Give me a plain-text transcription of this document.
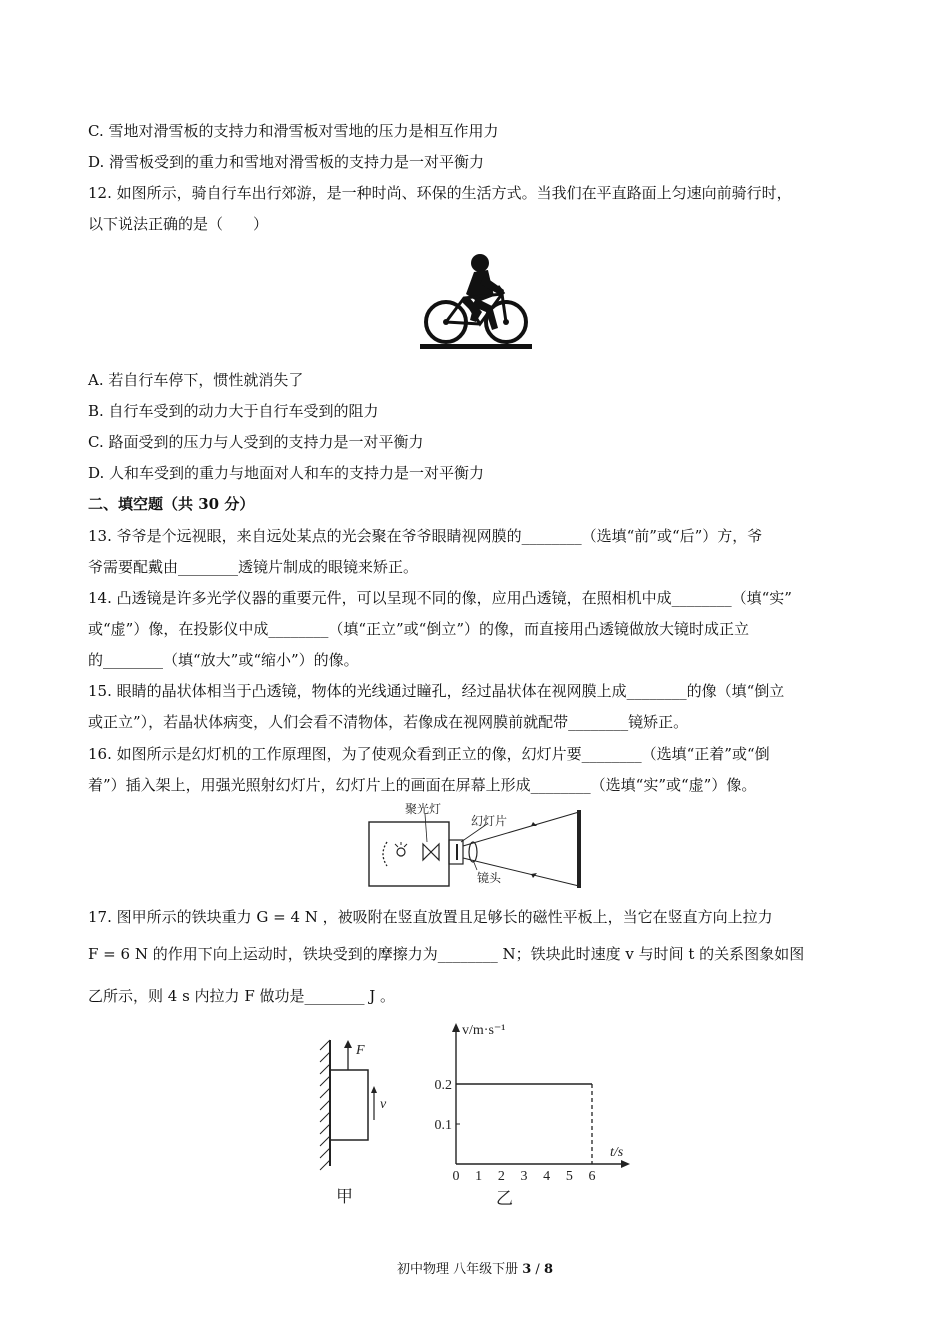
C. 雪地对滑雪板的支持力和滑雪板对雪地的压力是相互作用力
D. 滑雪板受到的重力和雪地对滑雪板的支持力是一对平衡力
12. 如图所示，骑自行车出行郊游，是一种时尚、环保的生活方式。当我们在平直路面上匀速向前骑行时，
以下说法正确的是（　　）
A. 若自行车停下，惯性就消失了
B. 自行车受到的动力大于自行车受到的阻力
C. 路面受到的压力与人受到的支持力是一对平衡力
D. 人和车受到的重力与地面对人和车的支持力是一对平衡力
二、填空题（共 30 分）
13. 爷爷是个远视眼，来自远处某点的光会聚在爷爷眼睛视网膜的________（选填“前”或“后”）方，爷
爷需要配戴由________透镜片制成的眼镜来矫正。
14. 凸透镜是许多光学仪器的重要元件，可以呈现不同的像，应用凸透镜，在照相机中成________（填“实”
或“虚”）像，在投影仪中成________（填“正立”或“倒立”）的像，而直接用凸透镜做放大镜时成正立
的________（填“放大”或“缩小”）的像。
15. 眼睛的晶状体相当于凸透镜，物体的光线通过瞳孔，经过晶状体在视网膜上成________的像（填“倒立
或正立”），若晶状体病变，人们会看不清物体，若像成在视网膜前就配带________镜矫正。
16. 如图所示是幻灯机的工作原理图，为了使观众看到正立的像，幻灯片要________（选填“正着”或“倒
着”）插入架上，用强光照射幻灯片，幻灯片上的画面在屏幕上形成________（选填“实”或“虚”）像。
聚光灯
幻灯片
镜头
17. 图甲所示的铁块重力 G = 4 N ，被吸附在竖直放置且足够长的磁性平板上，当它在竖直方向上拉力
F = 6 N 的作用下向上运动时，铁块受到的摩擦力为________ N；铁块此时速度 v 与时间 t 的关系图象如图
乙所示，则 4 s 内拉力 F 做功是________ J 。
F
v
甲
v/m·s⁻¹
t/s
0 1 2 3 4 5 6
0.1
0.2
乙
初中物理 八年级下册 3 / 8
